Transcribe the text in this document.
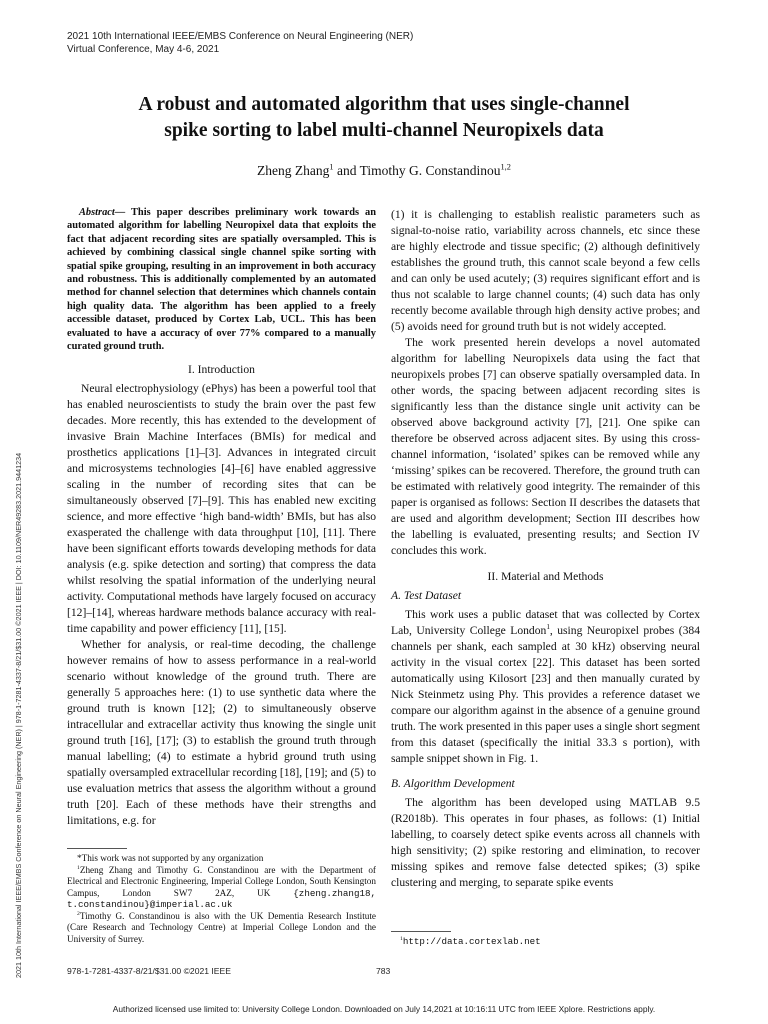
2021 10th International IEEE/EMBS Conference on Neural Engineering (NER)
Virtual Conference, May 4-6, 2021
2021 10th International IEEE/EMBS Conference on Neural Engineering (NER) | 978-1-7281-4337-8/21/$31.00 ©2021 IEEE | DOI: 10.1109/NER49283.2021.9441234
A robust and automated algorithm that uses single-channel
spike sorting to label multi-channel Neuropixels data
Zheng Zhang$^1$ and Timothy G. Constandinou$^{1,2}$

Abstract— This paper describes preliminary work towards an automated algorithm for labelling Neuropixel data that exploits the fact that adjacent recording sites are spatially oversampled. This is achieved by combining classical single channel spike sorting with spatial spike grouping, resulting in an improvement in both accuracy and robustness. This is additionally complemented by an automated method for channel selection that determines which channels contain high quality data. The algorithm has been applied to a freely accessible dataset, produced by Cortex Lab, UCL. This has been evaluated to have a accuracy of over 77% compared to a manually curated ground truth.

I. Introduction

Neural electrophysiology (ePhys) has been a powerful tool that has enabled neuroscientists to study the brain over the past few decades. More recently, this has extended to the development of invasive Brain Machine Interfaces (BMIs) for medical and prosthetics applications [1]–[3]. Advances in integrated circuit and microsystems technologies [4]–[6] have enabled aggressive scaling in the number of recording sites that can be simultaneously observed [7]–[9]. This has enabled new exciting science, and more effective ‘high band-width’ BMIs, but has also exasperated the challenge with data throughput [10], [11]. There have been significant efforts towards developing methods for data analysis (e.g. spike detection and sorting) that compress the data whilst resolving the spatial information of the underlying neural activity. Computational methods have largely focused on accuracy [12]–[14], whereas hardware methods balance accuracy with real-time capability and power efficiency [11], [15].

Whether for analysis, or real-time decoding, the challenge however remains of how to assess performance in a real-world scenario without knowledge of the ground truth. There are generally 5 approaches here: (1) to use synthetic data where the ground truth is known [12]; (2) to simultaneously observe intracellular and extracellar activity thus knowing the single unit ground truth [16], [17]; (3) to establish the ground truth through manual labelling; (4) to estimate a hybrid ground truth using spatially oversampled extracellular recording [18], [19]; and (5) to use evaluation metrics that assess the algorithm without a ground truth [20]. Each of these methods have their strengths and limitations, e.g. for

*This work was not supported by any organization

$^1$Zheng Zhang and Timothy G. Constandinou are with the Department of Electrical and Electronic Engineering, Imperial College London, South Kensington Campus, London SW7 2AZ, UK {zheng.zhang18, t.constandinou}@imperial.ac.uk

$^2$Timothy G. Constandinou is also with the UK Dementia Research Institute (Care Research and Technology Centre) at Imperial College London and the University of Surrey.

(1) it is challenging to establish realistic parameters such as signal-to-noise ratio, variability across channels, etc since these are highly electrode and tissue specific; (2) although definitively establishes the ground truth, this cannot scale beyond a few cells and can only be used acutely; (3) requires significant effort and is thus not scalable to large channel counts; (4) such data has only recently become available through high density active probes; and (5) avoids need for ground truth but is not widely accepted.

The work presented herein develops a novel automated algorithm for labelling Neuropixels data using the fact that neuropixels probes [7] can observe spatially oversampled data. In other words, the spacing between adjacent recording sites is significantly less than the distance single unit activity can be observed above background activity [7], [21]. One spike can therefore be observed across adjacent sites. By using this cross-channel information, ‘isolated’ spikes can be removed while any ‘missing’ spikes can be recovered. Therefore, the ground truth can be estimated with relatively good integrity. The remainder of this paper is organised as follows: Section II describes the datasets that are used and algorithm development; Section III describes how the labelling is evaluated, presenting results; and Section IV concludes this work.

II. Material and Methods
A. Test Dataset

This work uses a public dataset that was collected by Cortex Lab, University College London$^1$, using Neuropixel probes (384 channels per shank, each sampled at 30 kHz) observing neural activity in the visual cortex [22]. This dataset has been sorted automatically using Kilosort [23] and then manually curated by Nick Steinmetz using Phy. This provides a reference dataset we compare our algorithm against in the absence of a genuine ground truth. The work presented in this paper uses a single short segment from this dataset (specifically the initial 33.3 s portion), with sample snippet shown in Fig. 1.

B. Algorithm Development

The algorithm has been developed using MATLAB 9.5 (R2018b). This operates in four phases, as follows: (1) Initial labelling, to coarsely detect spike events across all channels with high sensitivity; (2) spike restoring and elimination, to recover missing spikes and remove false detected spikes; (3) spike clustering and merging, to separate spike events

$^1$http://data.cortexlab.net
978-1-7281-4337-8/21/$31.00 ©2021 IEEE	783
Authorized licensed use limited to: University College London. Downloaded on July 14,2021 at 10:16:11 UTC from IEEE Xplore. Restrictions apply.
